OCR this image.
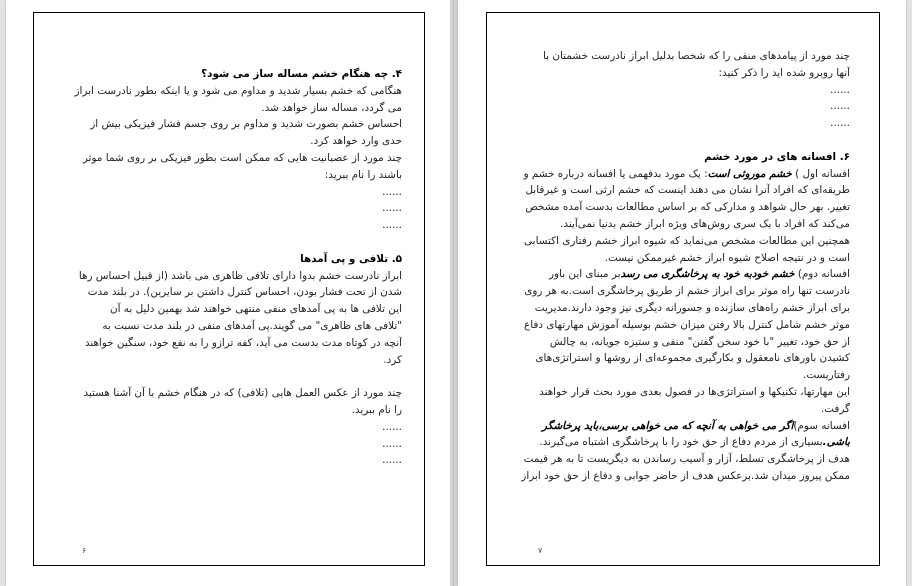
۴. چه هنگام خشم مساله ساز می شود؟
هنگامی که خشم بسیار شدید و مداوم می شود و یا اینکه بطور نادرست ابراز
می گردد، مساله ساز خواهد شد.
احساس خشم بصورت شدید و مداوم بر روی جسم فشار فیزیکی بیش از
حدی وارد خواهد کرد.
چند مورد از عصبانیت هایی که ممکن است بطور فیزیکی بر روی شما موثر
باشند را نام ببرید:
......
......
......
۵. تلافی و پی آمدها
ابراز نادرست خشم بدوا دارای تلافی ظاهری می باشد (از قبیل احساس رها
شدن از تحت فشار بودن، احساس کنترل داشتن بر سایرین). در بلند مدت
این تلافی ها به پی آمدهای منفی منتهی خواهند شد بهمین دلیل به آن
"تلافی های ظاهری" می گویند.پی آمدهای منفی در بلند مدت نسبت به
آنچه در کوتاه مدت بدست می آید، کفه ترازو را به نفع خود، سنگین خواهند
کرد.
چند مورد از عکس العمل هایی (تلافی) که در هنگام خشم با آن آشنا هستید
را نام ببرید.
......
......
......
۶
چند مورد از پیامدهای منفی را که شخصا بدلیل ابراز نادرست خشمتان با
آنها روبرو شده اید را ذکر کنید:
......
......
......
۶. افسانه های در مورد خشم
افسانه اول ) خشم موروثی است: یک مورد بدفهمی یا افسانه درباره خشم و
طریقه‌ای که افراد آنرا نشان می دهند اینست که خشم ارثی است و غیرقابل
تغییر. بهر حال شواهد و مدارکی که بر اساس مطالعات بدست آمده مشخص
می‌کند که افراد با یک سری روش‌های ویژه ابراز خشم بدنیا نمی‌آیند.
همچنین این مطالعات مشخص می‌نماید که شیوه ابراز خشم رفتاری اکتسابی
است و در نتیجه اصلاح شیوه ابراز خشم غیرممکن نیست.
افسانه دوم) خشم خودبه خود به پرخاشگری می رسدبر مبنای این باور
نادرست تنها راه موثر برای ابراز خشم از طریق پرخاشگری است.به هر روی
برای ابراز خشم راه‌های سازنده و جسورانه دیگری نیز وجود دارند.مدیریت
موثر خشم شامل کنترل بالا رفتن میزان خشم بوسیله آموزش مهارتهای دفاع
از حق خود، تغییر "با خود سخن گفتن" منفی و ستیزه جویانه، به چالش
کشیدن باورهای نامعقول و بکارگیری مجموعه‌ای از روشها و استراتژی‌های
رفتاریست.
این مهارتها، تکنیکها و استراتژی‌ها در فصول بعدی مورد بحث قرار خواهند
گرفت.
افسانه سوم)اگر می خواهی به آنچه که می خواهی برسی،باید پرخاشگر
باشی.بسیاری از مردم دفاع از حق خود را با پرخاشگری اشتباه می‌گیرند.
هدف از پرخاشگری تسلط، آزار و آسیب رساندن به دیگریست تا به هر قیمت
ممکن پیروز میدان شد.برعکس هدف از حاضر جوابی و دفاع از حق خود ابراز
۷
